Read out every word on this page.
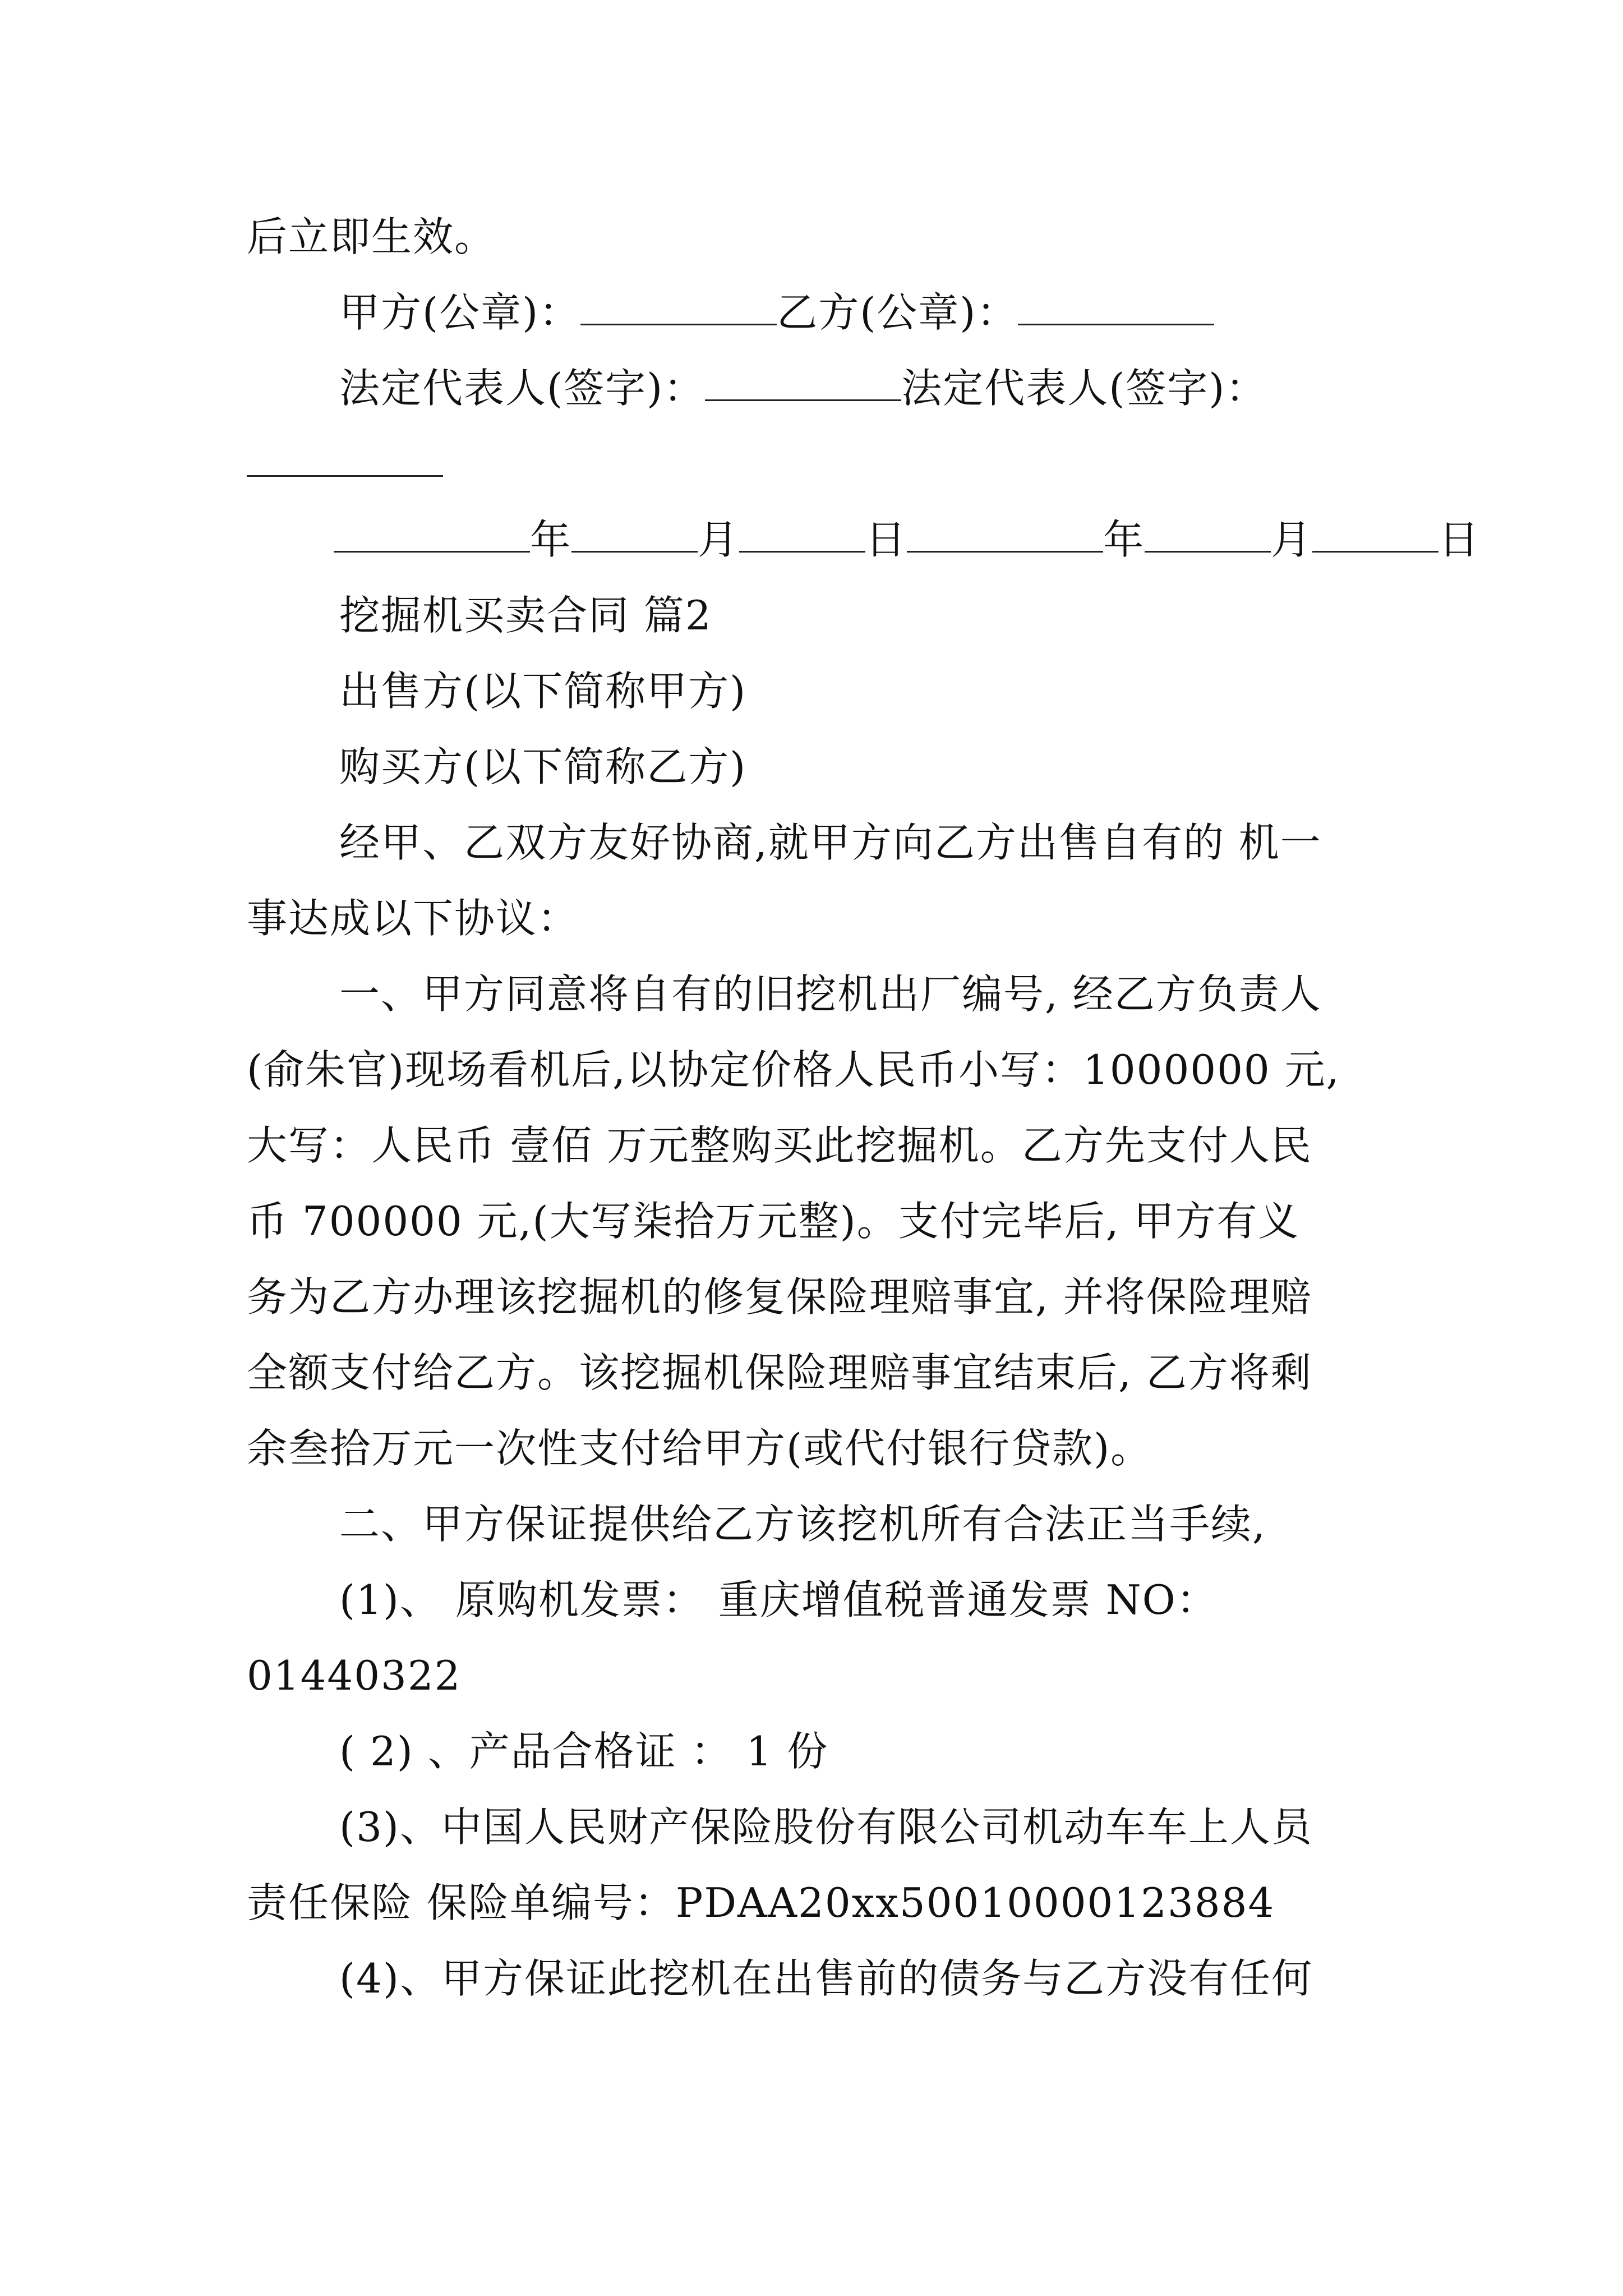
后立即生效。
甲方(公章)：	乙方(公章)：
法定代表人(签字)：	法定代表人(签字)：
年	月	日	年	月	日
挖掘机买卖合同 篇2
出售方(以下简称甲方)
购买方(以下简称乙方)
经甲、乙双方友好协商,就甲方向乙方出售自有的 机一
事达成以下协议：
一、甲方同意将自有的旧挖机出厂编号, 经乙方负责人
(俞朱官)现场看机后,以协定价格人民币小写：1000000 元,
大写：人民币 壹佰 万元整购买此挖掘机。乙方先支付人民
币 700000 元,(大写柒拾万元整)。支付完毕后, 甲方有义
务为乙方办理该挖掘机的修复保险理赔事宜, 并将保险理赔
全额支付给乙方。该挖掘机保险理赔事宜结束后, 乙方将剩
余叁拾万元一次性支付给甲方(或代付银行贷款)。
二、甲方保证提供给乙方该挖机所有合法正当手续,
(1)、 原购机发票： 重庆增值税普通发票 NO：
01440322
( 2) 、产品合格证 ： 1 份
(3)、中国人民财产保险股份有限公司机动车车上人员
责任保险 保险单编号：PDAA20xx50010000123884
(4)、甲方保证此挖机在出售前的债务与乙方没有任何
